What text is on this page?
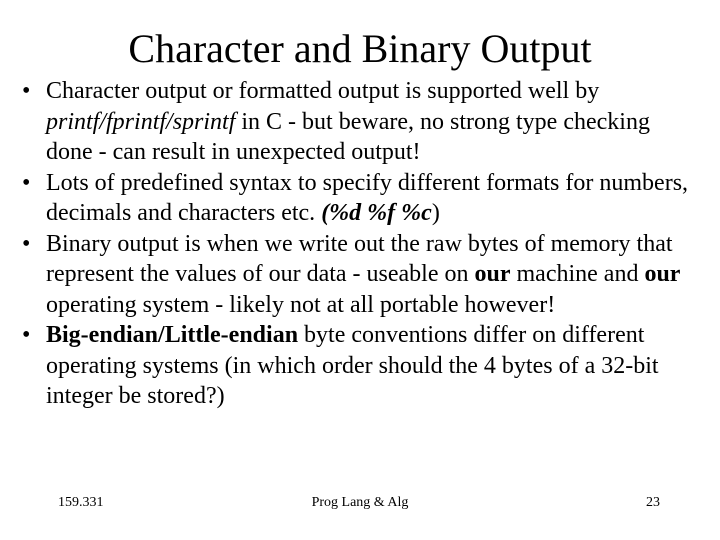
Character and Binary Output
• Character output or formatted output is supported well by printf/fprintf/sprintf in C - but beware, no strong type checking done - can result in unexpected output!
• Lots of predefined syntax to specify different formats for numbers, decimals and characters etc. (%d %f %c)
• Binary output is when we write out the raw bytes of memory that represent the values of our data - useable on our machine and our operating system - likely not at all portable however!
• Big-endian/Little-endian byte conventions differ on different operating systems (in which order should the 4 bytes of a 32-bit integer be stored?)
159.331	Prog Lang & Alg	23
